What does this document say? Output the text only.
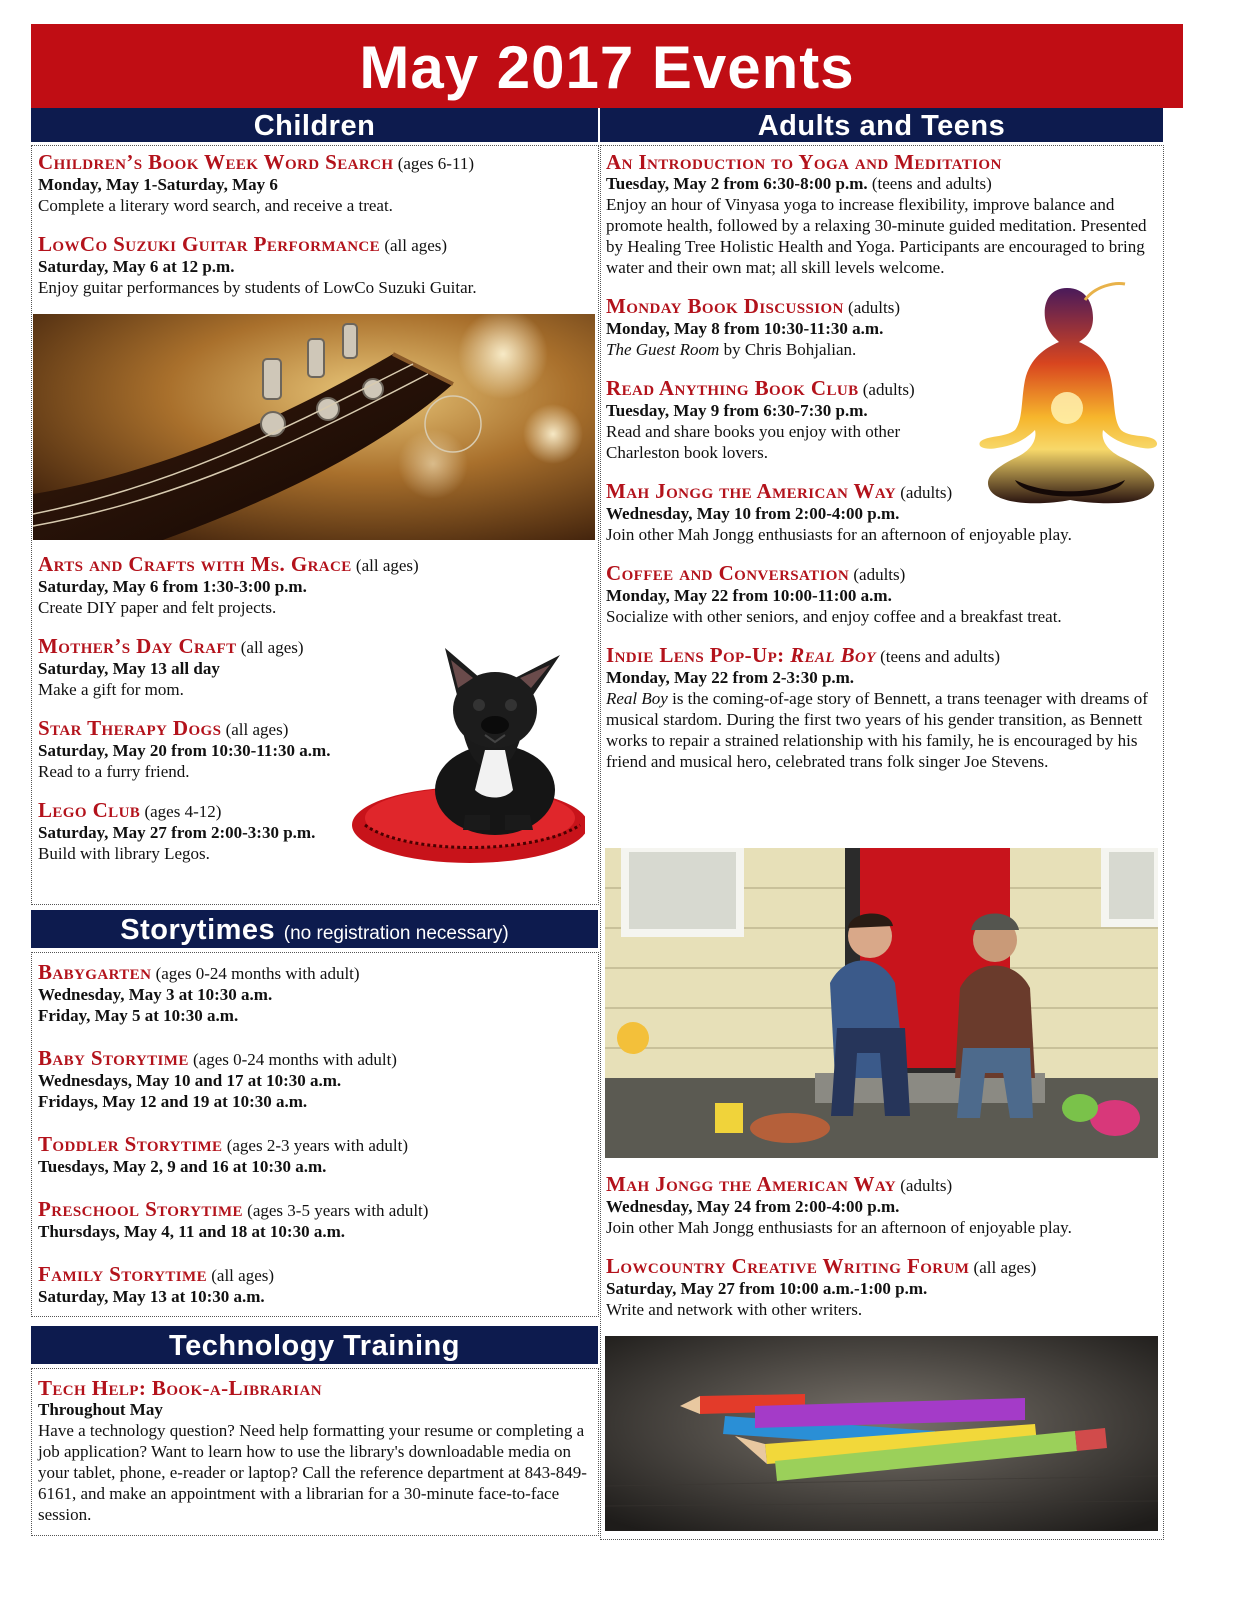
May 2017 Events
Children	Adults and Teens
Children’s Book Week Word Search (ages 6-11)
Monday, May 1-Saturday, May 6
Complete a literary word search, and receive a treat.
LowCo Suzuki Guitar Performance (all ages)
Saturday, May 6 at 12 p.m.
Enjoy guitar performances by students of LowCo Suzuki Guitar.
Arts and Crafts with Ms. Grace (all ages)
Saturday, May 6 from 1:30-3:00 p.m.
Create DIY paper and felt projects.
Mother’s Day Craft (all ages)
Saturday, May 13 all day
Make a gift for mom.
Star Therapy Dogs (all ages)
Saturday, May 20 from 10:30-11:30 a.m.
Read to a furry friend.
Lego Club (ages 4-12)
Saturday, May 27 from 2:00-3:30 p.m.
Build with library Legos.
Storytimes (no registration necessary)
Babygarten (ages 0-24 months with adult)
Wednesday, May 3 at 10:30 a.m.
Friday, May 5 at 10:30 a.m.
Baby Storytime (ages 0-24 months with adult)
Wednesdays, May 10 and 17 at 10:30 a.m.
Fridays, May 12 and 19 at 10:30 a.m.
Toddler Storytime (ages 2-3 years with adult)
Tuesdays, May 2, 9 and 16 at 10:30 a.m.
Preschool Storytime (ages 3-5 years with adult)
Thursdays, May 4, 11 and 18 at 10:30 a.m.
Family Storytime (all ages)
Saturday, May 13 at 10:30 a.m.
Technology Training
Tech Help: Book-a-Librarian
Throughout May
Have a technology question? Need help formatting your resume or completing a job application? Want to learn how to use the library's downloadable media on your tablet, phone, e-reader or laptop? Call the reference department at 843-849-6161, and make an appointment with a librarian for a 30-minute face-to-face session.
An Introduction to Yoga and Meditation
Tuesday, May 2 from 6:30-8:00 p.m. (teens and adults)
Enjoy an hour of Vinyasa yoga to increase flexibility, improve balance and promote health, followed by a relaxing 30-minute guided meditation. Presented by Healing Tree Holistic Health and Yoga. Participants are encouraged to bring water and their own mat; all skill levels welcome.
Monday Book Discussion (adults)
Monday, May 8 from 10:30-11:30 a.m.
The Guest Room by Chris Bohjalian.
Read Anything Book Club (adults)
Tuesday, May 9 from 6:30-7:30 p.m.
Read and share books you enjoy with other Charleston book lovers.
Mah Jongg the American Way (adults)
Wednesday, May 10 from 2:00-4:00 p.m.
Join other Mah Jongg enthusiasts for an afternoon of enjoyable play.
Coffee and Conversation (adults)
Monday, May 22 from 10:00-11:00 a.m.
Socialize with other seniors, and enjoy coffee and a breakfast treat.
Indie Lens Pop-Up: Real Boy (teens and adults)
Monday, May 22 from 2-3:30 p.m.
Real Boy is the coming-of-age story of Bennett, a trans teenager with dreams of musical stardom. During the first two years of his gender transition, as Bennett works to repair a strained relationship with his family, he is encouraged by his friend and musical hero, celebrated trans folk singer Joe Stevens.
Mah Jongg the American Way (adults)
Wednesday, May 24 from 2:00-4:00 p.m.
Join other Mah Jongg enthusiasts for an afternoon of enjoyable play.
Lowcountry Creative Writing Forum (all ages)
Saturday, May 27 from 10:00 a.m.-1:00 p.m.
Write and network with other writers.
